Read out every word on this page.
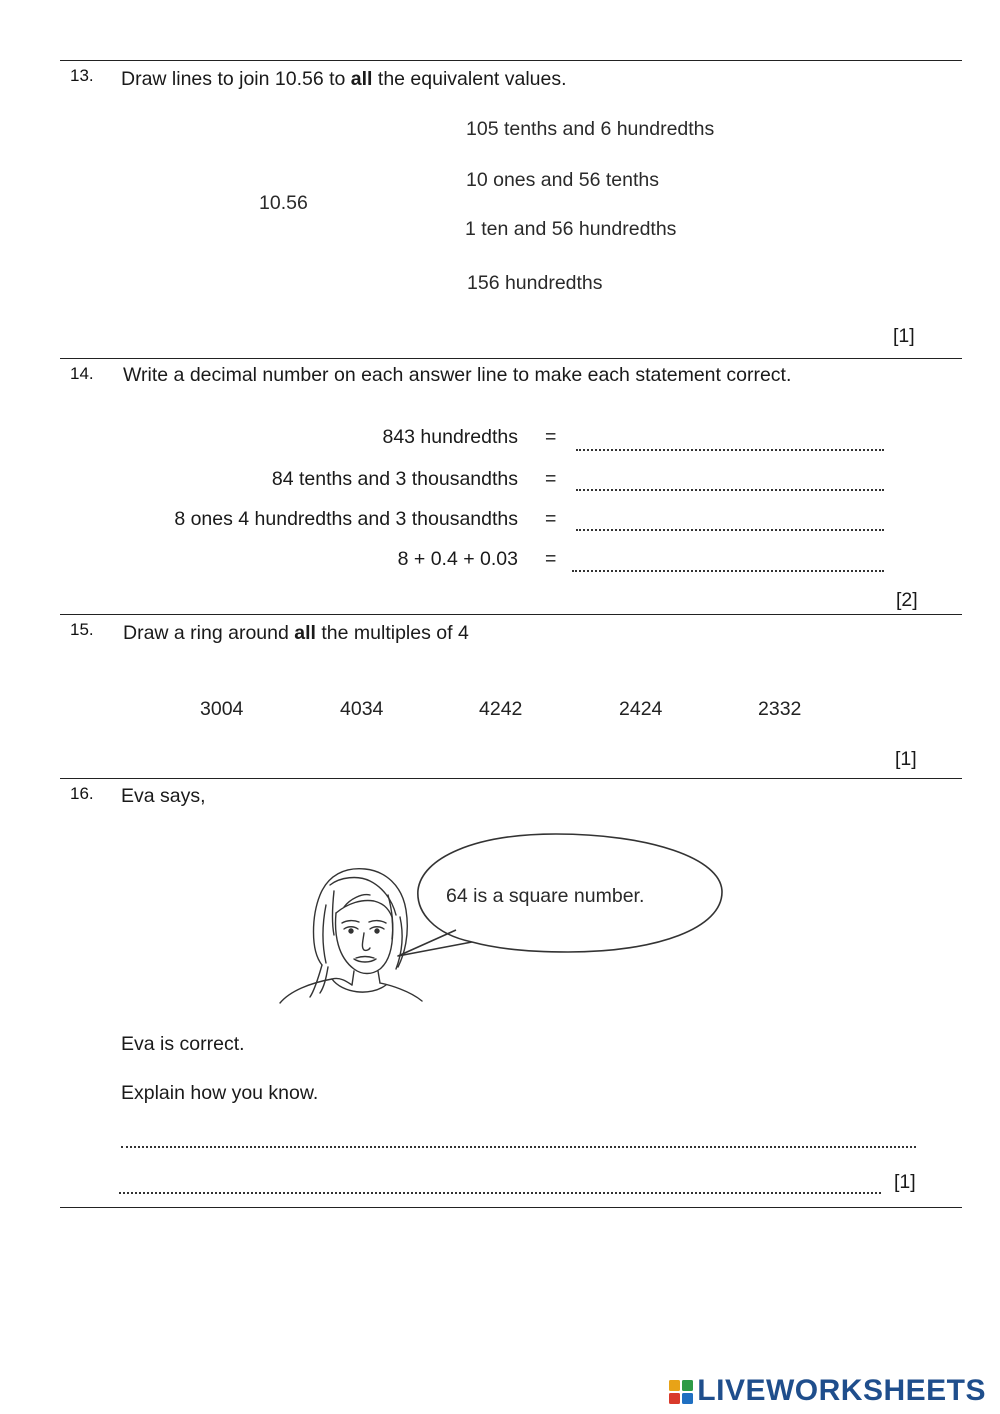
13. Draw lines to join 10.56 to all the equivalent values.
10.56
105 tenths and 6 hundredths
10 ones and 56 tenths
1 ten and 56 hundredths
156 hundredths
[1]
14. Write a decimal number on each answer line to make each statement correct.
843 hundredths =
84 tenths and 3 thousandths =
8 ones 4 hundredths and 3 thousandths =
8 + 0.4 + 0.03 =
[2]
15. Draw a ring around all the multiples of 4
3004	4034	4242	2424	2332
[1]
16. Eva says,
64 is a square number.
Eva is correct.
Explain how you know.
[1]
LIVEWORKSHEETS
